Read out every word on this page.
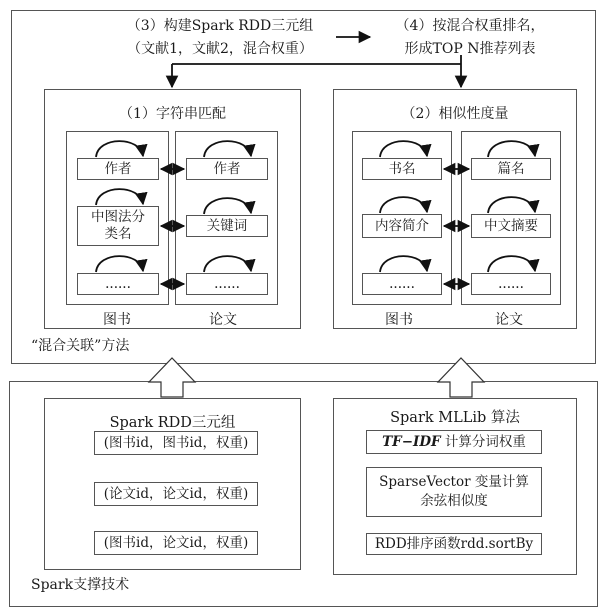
（3）构建Spark RDD三元组
（文献1，文献2，混合权重）
（4）按混合权重排名，
形成TOP N推荐列表
（1）字符串匹配
作者
中图法分类名
......
作者
关键词
......
图书	论文
（2）相似性度量
书名
内容简介
......
篇名
中文摘要
......
图书	论文
“混合关联”方法
Spark RDD三元组
(图书id，图书id，权重)
(论文id，论文id，权重)
(图书id，论文id，权重)
Spark MLLib 算法
TF−IDF 计算分词权重
SparseVector 变量计算
余弦相似度
RDD排序函数rdd.sortBy
Spark支撑技术
